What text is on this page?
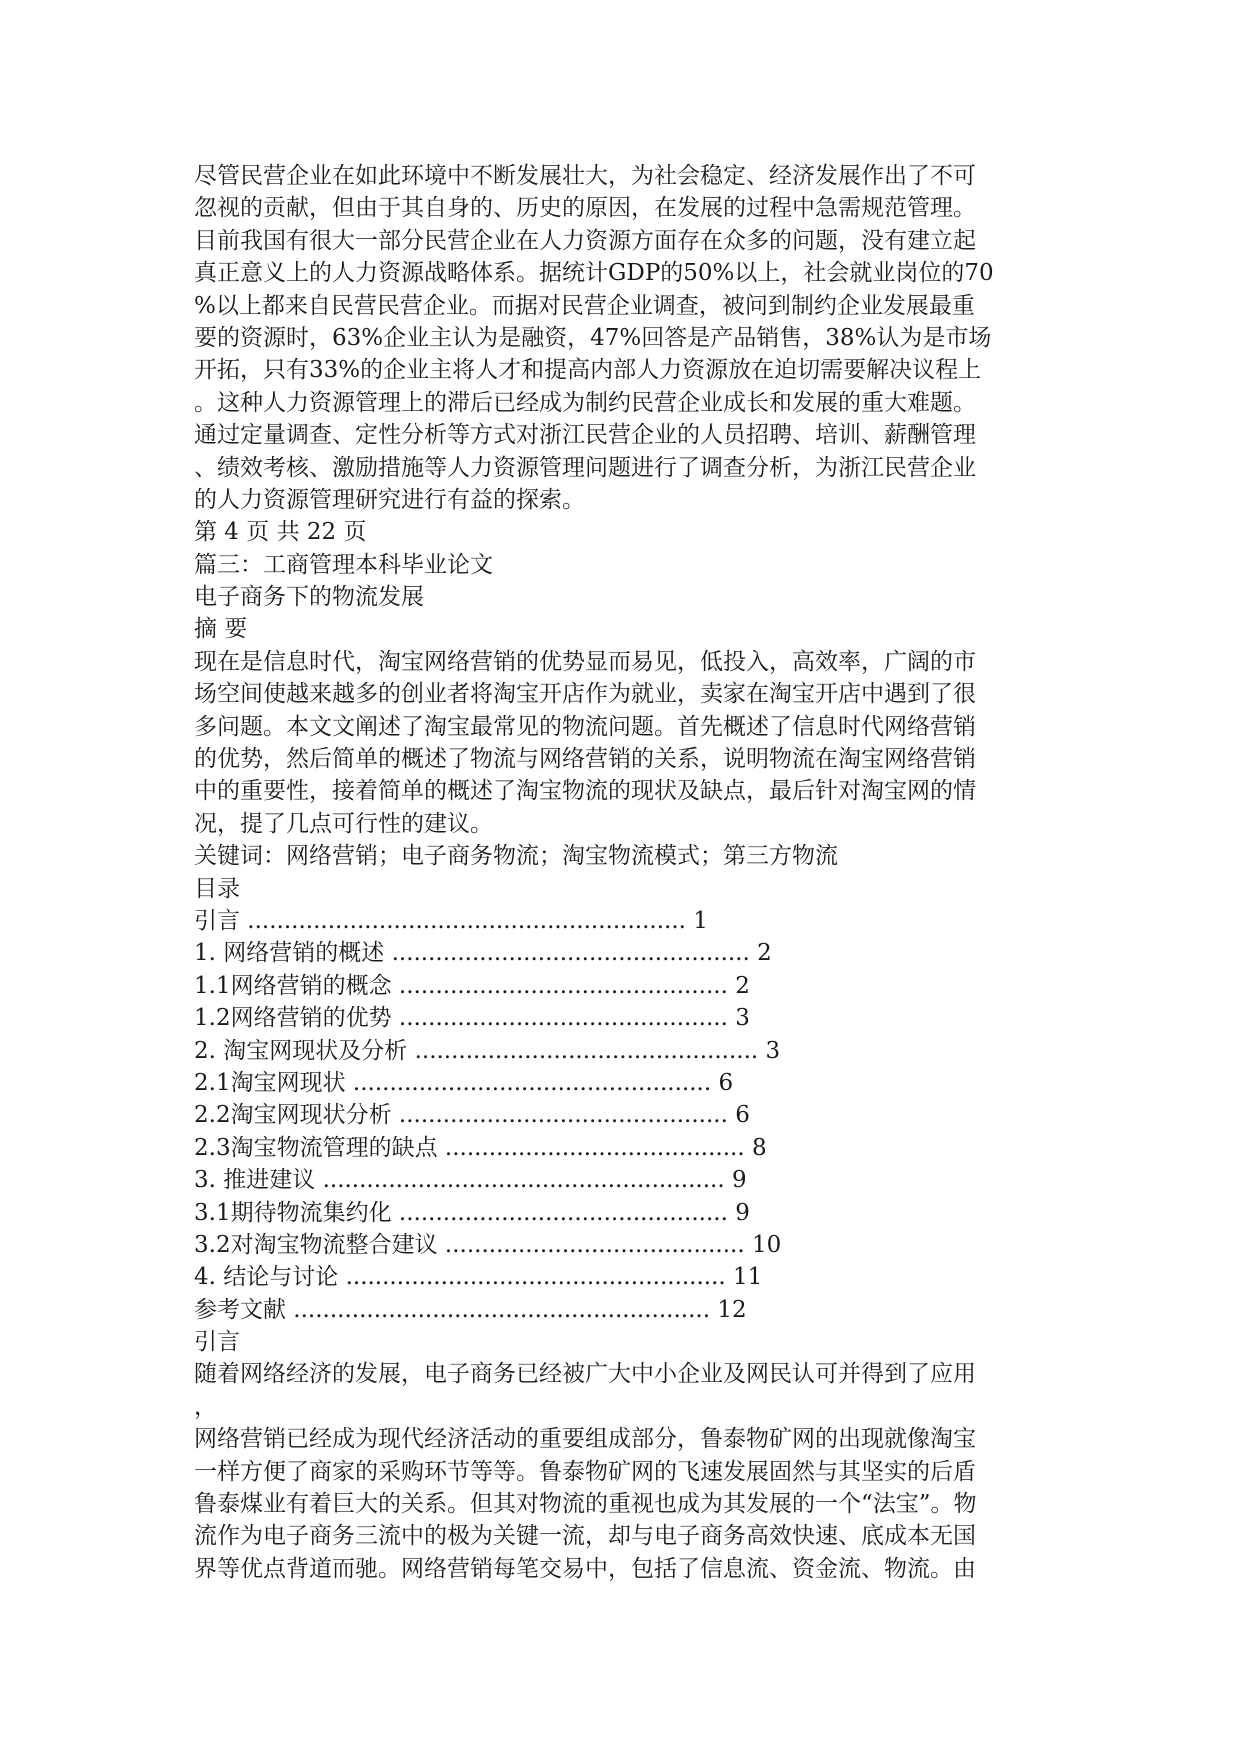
尽管民营企业在如此环境中不断发展壮大，为社会稳定、经济发展作出了不可
忽视的贡献，但由于其自身的、历史的原因，在发展的过程中急需规范管理。
目前我国有很大一部分民营企业在人力资源方面存在众多的问题，没有建立起
真正意义上的人力资源战略体系。据统计GDP的50%以上，社会就业岗位的70
%以上都来自民营民营企业。而据对民营企业调查，被问到制约企业发展最重
要的资源时，63%企业主认为是融资，47%回答是产品销售，38%认为是市场
开拓，只有33%的企业主将人才和提高内部人力资源放在迫切需要解决议程上
。这种人力资源管理上的滞后已经成为制约民营企业成长和发展的重大难题。
通过定量调查、定性分析等方式对浙江民营企业的人员招聘、培训、薪酬管理
、绩效考核、激励措施等人力资源管理问题进行了调查分析，为浙江民营企业
的人力资源管理研究进行有益的探索。
第 4 页 共 22 页
篇三：工商管理本科毕业论文
电子商务下的物流发展
摘 要
现在是信息时代，淘宝网络营销的优势显而易见，低投入，高效率，广阔的市
场空间使越来越多的创业者将淘宝开店作为就业，卖家在淘宝开店中遇到了很
多问题。本文文阐述了淘宝最常见的物流问题。首先概述了信息时代网络营销
的优势，然后简单的概述了物流与网络营销的关系，说明物流在淘宝网络营销
中的重要性，接着简单的概述了淘宝物流的现状及缺点，最后针对淘宝网的情
况，提了几点可行性的建议。
关键词：网络营销；电子商务物流；淘宝物流模式；第三方物流
目录
引言 ............................................................ 1
1. 网络营销的概述 ................................................. 2
1.1网络营销的概念 ............................................. 2
1.2网络营销的优势 ............................................. 3
2. 淘宝网现状及分析 ............................................... 3
2.1淘宝网现状 ................................................. 6
2.2淘宝网现状分析 ............................................. 6
2.3淘宝物流管理的缺点 ......................................... 8
3. 推进建议 ....................................................... 9
3.1期待物流集约化 ............................................. 9
3.2对淘宝物流整合建议 ......................................... 10
4. 结论与讨论 .................................................... 11
参考文献 ......................................................... 12
引言
随着网络经济的发展，电子商务已经被广大中小企业及网民认可并得到了应用
，
网络营销已经成为现代经济活动的重要组成部分，鲁泰物矿网的出现就像淘宝
一样方便了商家的采购环节等等。鲁泰物矿网的飞速发展固然与其坚实的后盾
鲁泰煤业有着巨大的关系。但其对物流的重视也成为其发展的一个“法宝”。物
流作为电子商务三流中的极为关键一流，却与电子商务高效快速、底成本无国
界等优点背道而驰。网络营销每笔交易中，包括了信息流、资金流、物流。由
